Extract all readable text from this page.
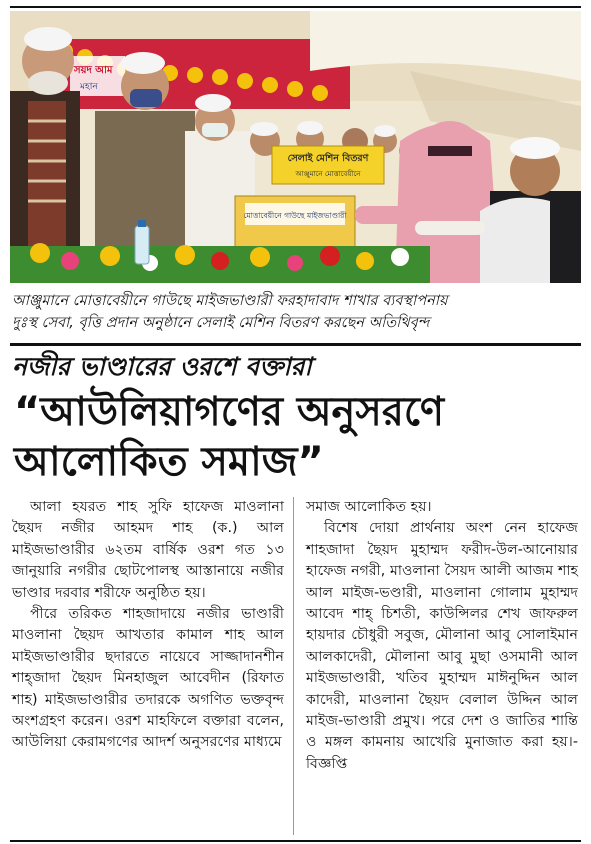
সয়দ আম
মহান
সেলাই মেশিন বিতরণ
আঞ্জুমানে মোত্তাবেয়ীনে
মোত্তাবেয়ীনে গাউছে মাইজভাণ্ডারী
আঞ্জুমানে মোত্তাবেয়ীনে গাউছে মাইজভাণ্ডারী ফরহাদাবাদ শাখার ব্যবস্থাপনায়
দুঃস্থ সেবা, বৃত্তি প্রদান অনুষ্ঠানে সেলাই মেশিন বিতরণ করছেন অতিথিবৃন্দ
নজীর ভাণ্ডারের ওরশে বক্তারা
“আউলিয়াগণের অনুসরণে
আলোকিত সমাজ”

আলা হযরত শাহ সুফি হাফেজ মাওলানা ছৈয়দ নজীর আহমদ শাহ (ক.) আল মাইজভাণ্ডারীর ৬২তম বার্ষিক ওরশ গত ১৩ জানুয়ারি নগরীর ছোটপোলস্থ আস্তানায়ে নজীর ভাণ্ডার দরবার শরীফে অনুষ্ঠিত হয়।

পীরে তরিকত শাহজাদায়ে নজীর ভাণ্ডারী মাওলানা ছৈয়দ আখতার কামাল শাহ আল মাইজভাণ্ডারীর ছদারতে নায়েবে সাজ্জাদানশীন শাহ্জাদা ছৈয়দ মিনহাজুল আবেদীন (রিফাত শাহ) মাইজভাণ্ডারীর তদারকে অগণিত ভক্তবৃন্দ অংশগ্রহণ করেন। ওরশ মাহফিলে বক্তারা বলেন, আউলিয়া কেরামগণের আদর্শ অনুসরণের মাধ্যমে

সমাজ আলোকিত হয়।

বিশেষ দোয়া প্রার্থনায় অংশ নেন হাফেজ শাহজাদা ছৈয়দ মুহাম্মদ ফরীদ-উল-আনোয়ার হাফেজ নগরী, মাওলানা সৈয়দ আলী আজম শাহ আল মাইজ-ভণ্ডারী, মাওলানা গোলাম মুহাম্মদ আবেদ শাহ্ চিশতী, কাউন্সিলর শেখ জাফরুল হায়দার চৌধুরী সবুজ, মৌলানা আবু সোলাইমান আলকাদেরী, মৌলানা আবু মুছা ওসমানী আল মাইজভাণ্ডারী, খতিব মুহাম্মদ মাঈনুদ্দিন আল কাদেরী, মাওলানা ছৈয়দ বেলাল উদ্দিন আল মাইজ-ভাণ্ডারী প্রমুখ। পরে দেশ ও জাতির শান্তি ও মঙ্গল কামনায় আখেরি মুনাজাত করা হয়।-বিজ্ঞপ্তি
